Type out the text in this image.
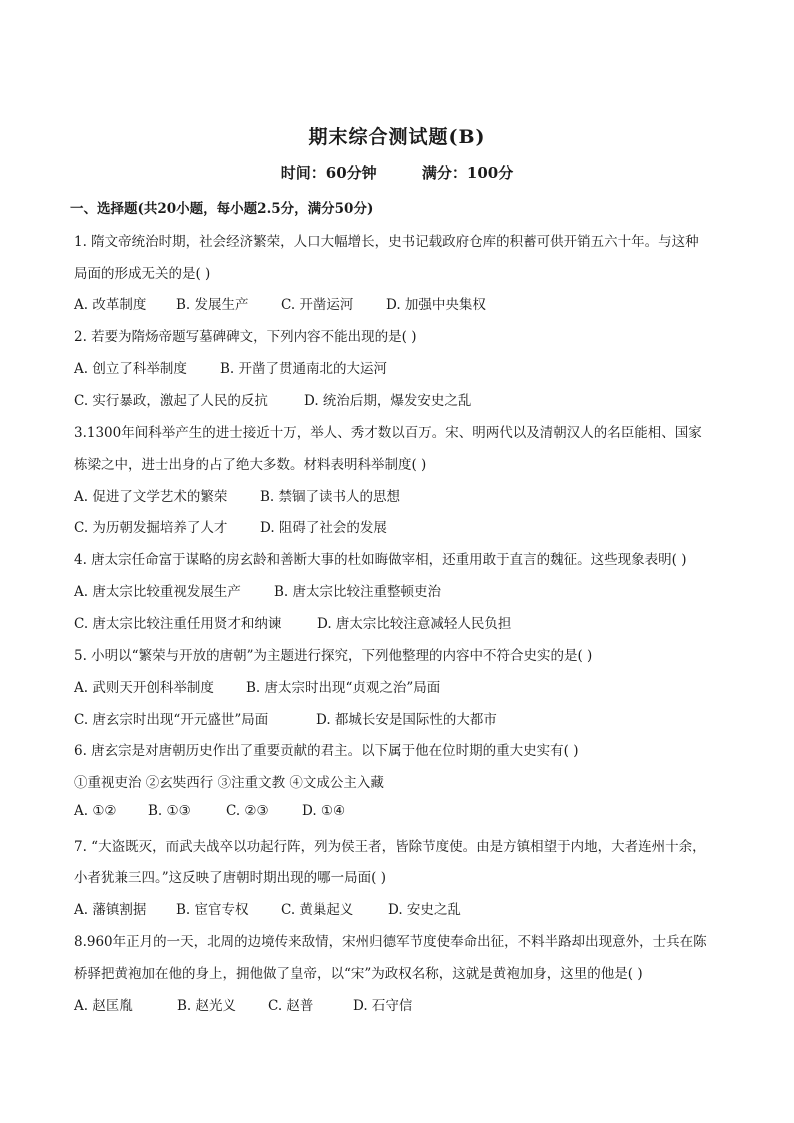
期末综合测试题(B)
时间：60分钟	满分：100分
一、选择题(共20小题，每小题2.5分，满分50分)
1. 隋文帝统治时期，社会经济繁荣，人口大幅增长，史书记载政府仓库的积蓄可供开销五六十年。与这种
局面的形成无关的是( )
A. 改革制度 B. 发展生产 C. 开凿运河 D. 加强中央集权
2. 若要为隋炀帝题写墓碑碑文，下列内容不能出现的是( )
A. 创立了科举制度 B. 开凿了贯通南北的大运河
C. 实行暴政，激起了人民的反抗	D. 统治后期，爆发安史之乱
3.1300年间科举产生的进士接近十万，举人、秀才数以百万。宋、明两代以及清朝汉人的名臣能相、国家
栋梁之中，进士出身的占了绝大多数。材料表明科举制度( )
A. 促进了文学艺术的繁荣 B. 禁锢了读书人的思想
C. 为历朝发掘培养了人才 D. 阻碍了社会的发展
4. 唐太宗任命富于谋略的房玄龄和善断大事的杜如晦做宰相，还重用敢于直言的魏征。这些现象表明( )
A. 唐太宗比较重视发展生产 B. 唐太宗比较注重整顿吏治
C. 唐太宗比较注重任用贤才和纳谏	D. 唐太宗比较注意减轻人民负担
5. 小明以“繁荣与开放的唐朝”为主题进行探究，下列他整理的内容中不符合史实的是( )
A. 武则天开创科举制度 B. 唐太宗时出现“贞观之治”局面
C. 唐玄宗时出现“开元盛世”局面	D. 都城长安是国际性的大都市
6. 唐玄宗是对唐朝历史作出了重要贡献的君主。以下属于他在位时期的重大史实有( )
①重视吏治 ②玄奘西行 ③注重文教 ④文成公主入藏
A. ①② B. ①③	C. ②③ D. ①④
7. “大盗既灭，而武夫战卒以功起行阵，列为侯王者，皆除节度使。由是方镇相望于内地，大者连州十余，
小者犹兼三四。”这反映了唐朝时期出现的哪一局面( )
A. 藩镇割据 B. 宦官专权 C. 黄巢起义	D. 安史之乱
8.960年正月的一天，北周的边境传来敌情，宋州归德军节度使奉命出征，不料半路却出现意外，士兵在陈
桥驿把黄袍加在他的身上，拥他做了皇帝，以“宋”为政权名称，这就是黄袍加身，这里的他是( )
A. 赵匡胤	B. 赵光义 C. 赵普	D. 石守信
